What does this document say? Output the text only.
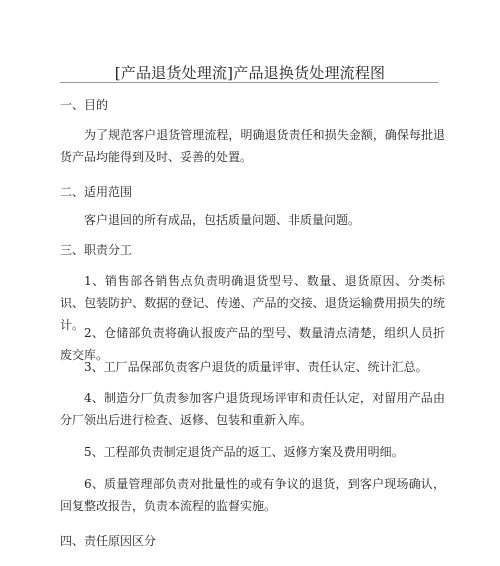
[产品退货处理流]产品退换货处理流程图
一、目的
为了规范客户退货管理流程，明确退货责任和损失金额，确保每批退货产品均能得到及时、妥善的处置。
二、适用范围
客户退回的所有成品，包括质量问题、非质量问题。
三、职责分工
1、销售部各销售点负责明确退货型号、数量、退货原因、分类标识、包装防护、数据的登记、传递、产品的交接、退货运输费用损失的统计。
2、仓储部负责将确认报废产品的型号、数量清点清楚，组织人员折废交库。
3、工厂品保部负责客户退货的质量评审、责任认定、统计汇总。
4、制造分厂负责参加客户退货现场评审和责任认定，对留用产品由分厂领出后进行检查、返修、包装和重新入库。
5、工程部负责制定退货产品的返工、返修方案及费用明细。
6、质量管理部负责对批量性的或有争议的退货，到客户现场确认，回复整改报告，负责本流程的监督实施。
四、责任原因区分
